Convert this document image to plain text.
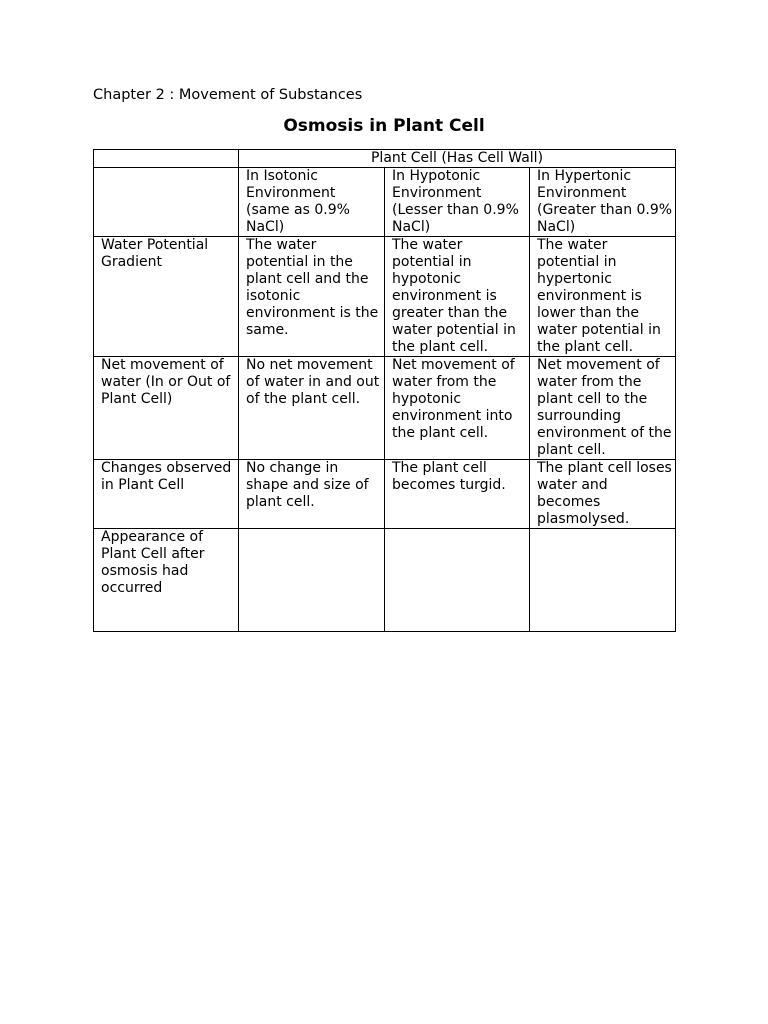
Chapter 2 : Movement of Substances
Osmosis in Plant Cell

	Plant Cell (Has Cell Wall)		

	In Isotonic Environment (same as 0.9% NaCl)	In Hypotonic Environment (Lesser than 0.9% NaCl)	In Hypertonic Environment (Greater than 0.9% NaCl)

Water Potential Gradient	The water potential in the plant cell and the isotonic environment is the same.	The water potential in hypotonic environment is greater than the water potential in the plant cell.	The water potential in hypertonic environment is lower than the water potential in the plant cell.

Net movement of water (In or Out of Plant Cell)	No net movement of water in and out of the plant cell.	Net movement of water from the hypotonic environment into the plant cell.	Net movement of water from the plant cell to the surrounding environment of the plant cell.

Changes observed in Plant Cell	No change in shape and size of plant cell.	The plant cell becomes turgid.	The plant cell loses water and becomes plasmolysed.

Appearance of Plant Cell after osmosis had occurred			
